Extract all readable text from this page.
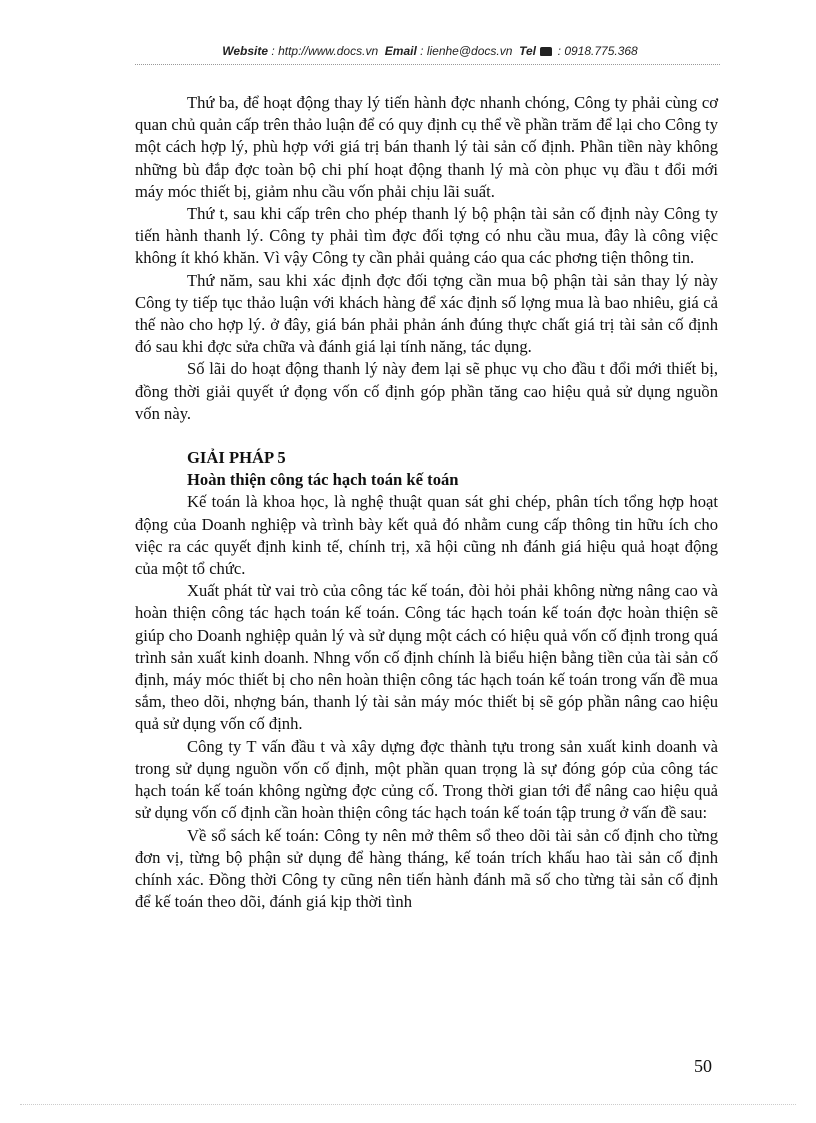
Website : http://www.docs.vn Email : lienhe@docs.vn Tel : 0918.775.368

Thứ ba, để hoạt động thay lý tiến hành đợc nhanh chóng, Công ty phải cùng cơ quan chủ quản cấp trên thảo luận để có quy định cụ thể về phần trăm để lại cho Công ty một cách hợp lý, phù hợp với giá trị bán thanh lý tài sản cố định. Phần tiền này không những bù đắp đợc toàn bộ chi phí hoạt động thanh lý mà còn phục vụ đầu t đổi mới máy móc thiết bị, giảm nhu cầu vốn phải chịu lãi suất.

Thứ t, sau khi cấp trên cho phép thanh lý bộ phận tài sản cố định này Công ty tiến hành thanh lý. Công ty phải tìm đợc đối tợng có nhu cầu mua, đây là công việc không ít khó khăn. Vì vậy Công ty cần phải quảng cáo qua các phơng tiện thông tin.

Thứ năm, sau khi xác định đợc đối tợng cần mua bộ phận tài sản thay lý này Công ty tiếp tục thảo luận với khách hàng để xác định số lợng mua là bao nhiêu, giá cả thế nào cho hợp lý. ở đây, giá bán phải phản ánh đúng thực chất giá trị tài sản cố định đó sau khi đợc sửa chữa và đánh giá lại tính năng, tác dụng.

Số lãi do hoạt động thanh lý này đem lại sẽ phục vụ cho đầu t đổi mới thiết bị, đồng thời giải quyết ứ đọng vốn cố định góp phần tăng cao hiệu quả sử dụng nguồn vốn này.

GIẢI PHÁP 5
Hoàn thiện công tác hạch toán kế toán

Kế toán là khoa học, là nghệ thuật quan sát ghi chép, phân tích tổng hợp hoạt động của Doanh nghiệp và trình bày kết quả đó nhằm cung cấp thông tin hữu ích cho việc ra các quyết định kinh tế, chính trị, xã hội cũng nh đánh giá hiệu quả hoạt động của một tổ chức.

Xuất phát từ vai trò của công tác kế toán, đòi hỏi phải không nừng nâng cao và hoàn thiện công tác hạch toán kế toán. Công tác hạch toán kế toán đợc hoàn thiện sẽ giúp cho Doanh nghiệp quản lý và sử dụng một cách có hiệu quả vốn cố định trong quá trình sản xuất kinh doanh. Nhng vốn cố định chính là biểu hiện bằng tiền của tài sản cố định, máy móc thiết bị cho nên hoàn thiện công tác hạch toán kế toán trong vấn đề mua sắm, theo dõi, nhợng bán, thanh lý tài sản máy móc thiết bị sẽ góp phần nâng cao hiệu quả sử dụng vốn cố định.

Công ty T vấn đầu t và xây dựng đợc thành tựu trong sản xuất kinh doanh và trong sử dụng nguồn vốn cố định, một phần quan trọng là sự đóng góp của công tác hạch toán kế toán không ngừng đợc củng cố. Trong thời gian tới để nâng cao hiệu quả sử dụng vốn cố định cần hoàn thiện công tác hạch toán kế toán tập trung ở vấn đề sau:

Về sổ sách kế toán: Công ty nên mở thêm sổ theo dõi tài sản cố định cho từng đơn vị, từng bộ phận sử dụng để hàng tháng, kế toán trích khấu hao tài sản cố định chính xác. Đồng thời Công ty cũng nên tiến hành đánh mã số cho từng tài sản cố định để kế toán theo dõi, đánh giá kịp thời tình

50
